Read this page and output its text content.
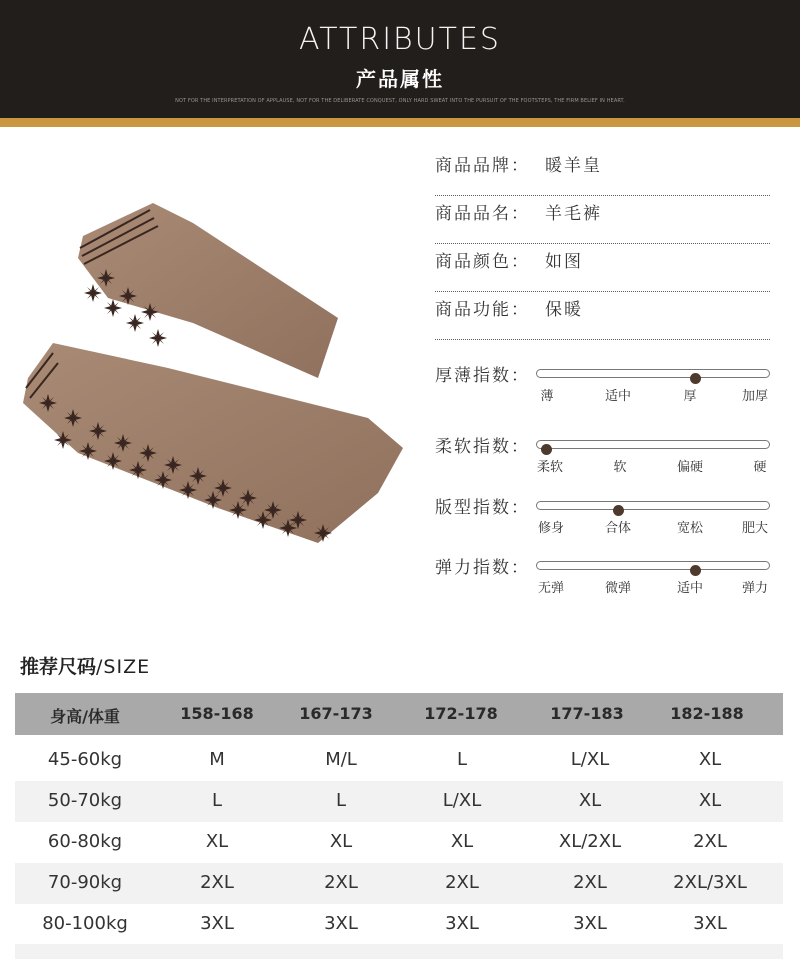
ATTRIBUTES
产品属性
NOT FOR THE INTERPRETATION OF APPLAUSE, NOT FOR THE DELIBERATE CONQUEST, ONLY HARD SWEAT INTO THE PURSUIT OF THE FOOTSTEPS, THE FIRM BELIEF IN HEART.
商品品牌： 暖羊皇
商品品名： 羊毛裤
商品颜色： 如图
商品功能： 保暖
厚薄指数：
薄	适中	厚	加厚
柔软指数：
柔软	软	偏硬	硬
版型指数：
修身	合体	宽松	肥大
弹力指数：
无弹	微弹	适中	弹力
推荐尺码/SIZE
身高/体重	158-168	167-173	172-178	177-183	182-188
45-60kg	M	M/L	L	L/XL	XL
50-70kg	L	L	L/XL	XL	XL
60-80kg	XL	XL	XL	XL/2XL	2XL
70-90kg	2XL	2XL	2XL	2XL	2XL/3XL
80-100kg	3XL	3XL	3XL	3XL	3XL
